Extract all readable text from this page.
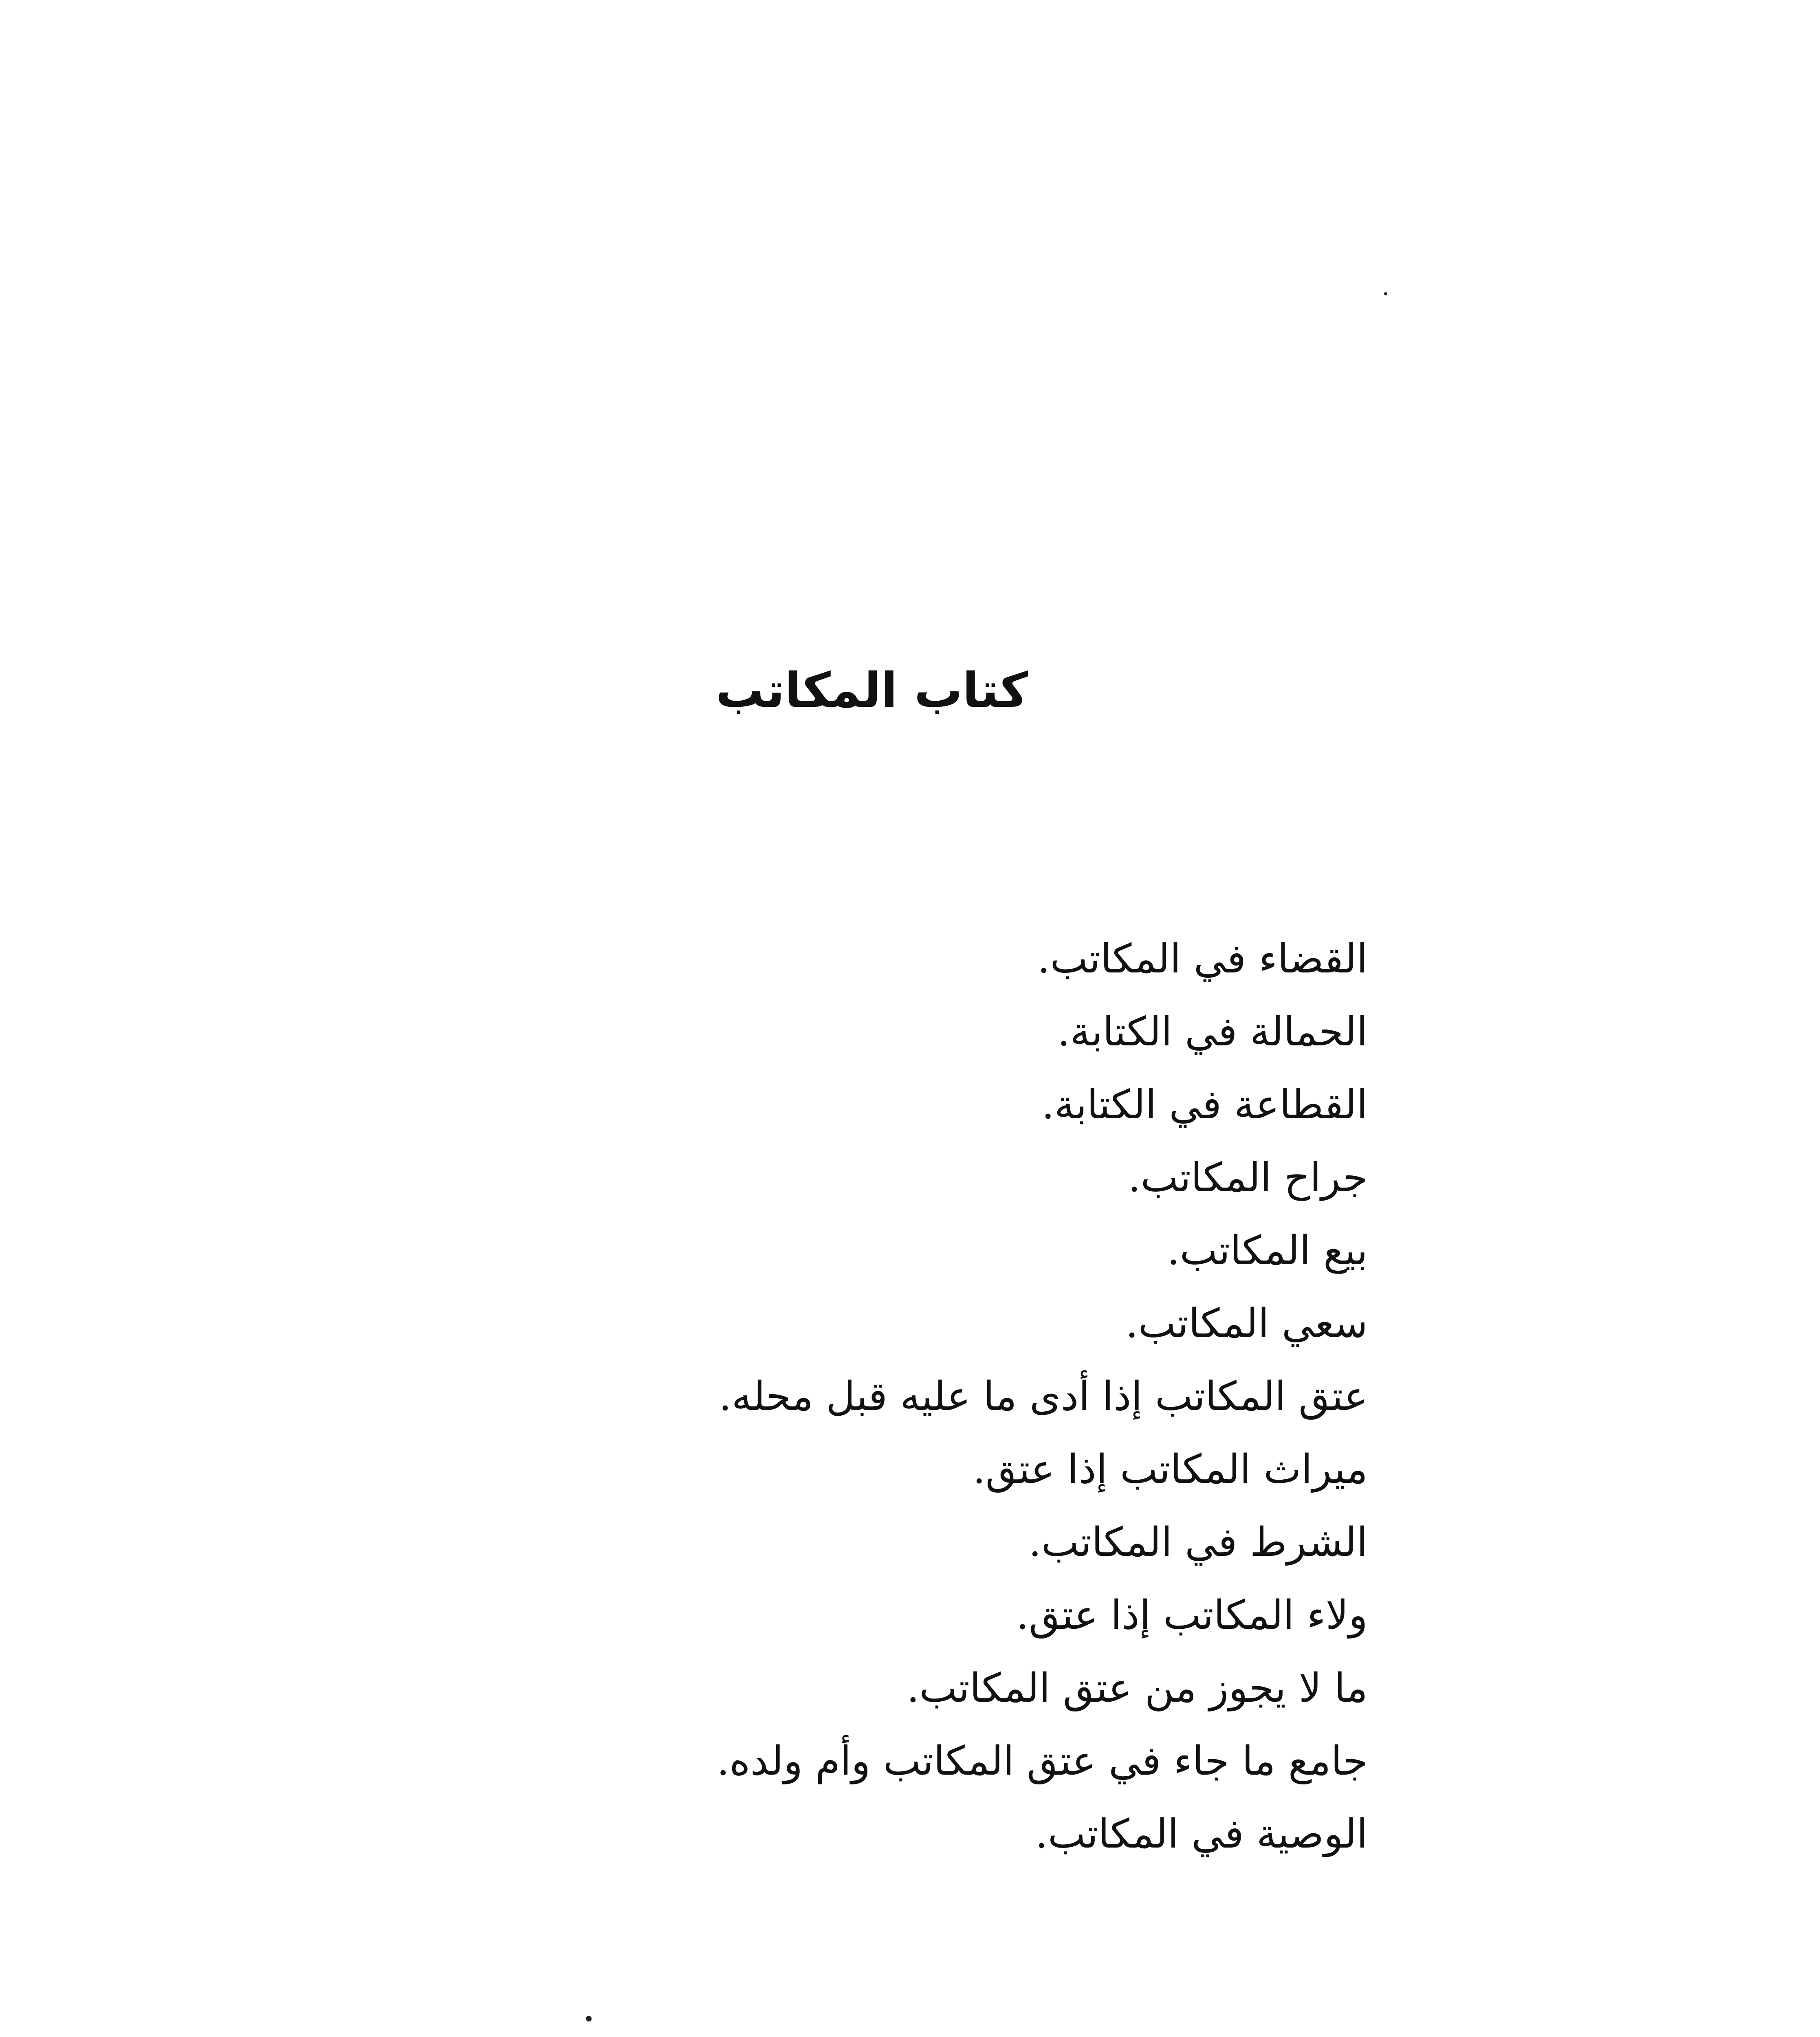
كتاب المكاتب
القضاء في المكاتب.
الحمالة في الكتابة.
القطاعة في الكتابة.
جراح المكاتب.
بيع المكاتب.
سعي المكاتب.
عتق المكاتب إذا أدى ما عليه قبل محله.
ميراث المكاتب إذا عتق.
الشرط في المكاتب.
ولاء المكاتب إذا عتق.
ما لا يجوز من عتق المكاتب.
جامع ما جاء في عتق المكاتب وأم ولده.
الوصية في المكاتب.
